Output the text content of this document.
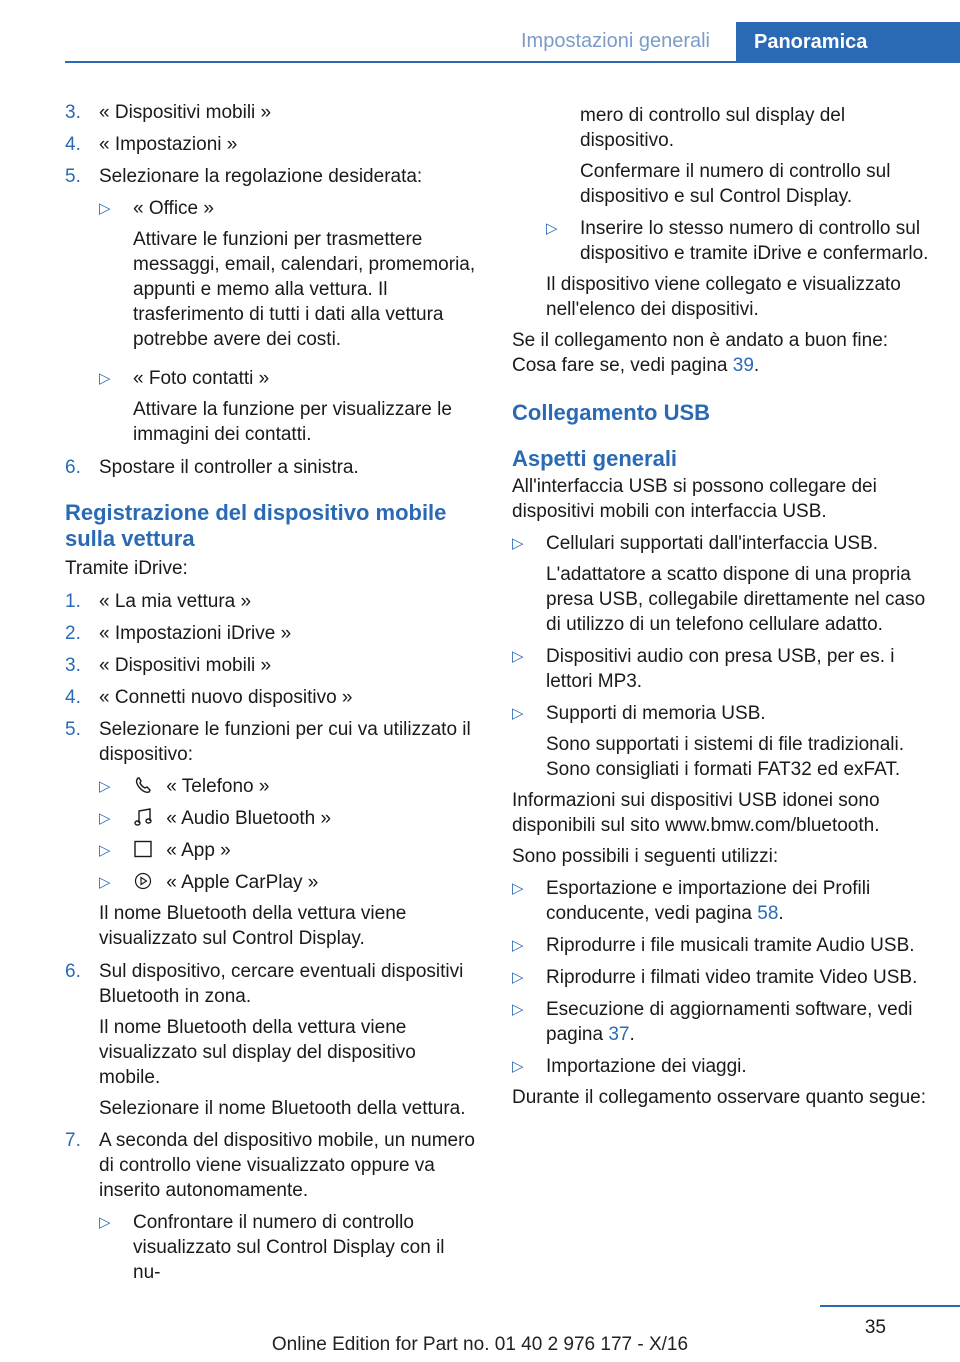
Impostazioni generali	Panoramica
3. « Dispositivi mobili »
4. « Impostazioni »
5. Selezionare la regolazione desiderata:
▷	« Office »
Attivare le funzioni per trasmettere messaggi, email, calendari, promemoria, appunti e memo alla vettura. Il trasferimento di tutti i dati alla vettura potrebbe avere dei costi.
▷	« Foto contatti »
Attivare la funzione per visualizzare le immagini dei contatti.
6. Spostare il controller a sinistra.
Registrazione del dispositivo mobile sulla vettura
Tramite iDrive:
1. « La mia vettura »
2. « Impostazioni iDrive »
3. « Dispositivi mobili »
4. « Connetti nuovo dispositivo »
5. Selezionare le funzioni per cui va utilizzato il dispositivo:
▷	« Telefono »
▷	« Audio Bluetooth »
▷	« App »
▷	« Apple CarPlay »
Il nome Bluetooth della vettura viene visualizzato sul Control Display.
6. Sul dispositivo, cercare eventuali dispositivi Bluetooth in zona.
Il nome Bluetooth della vettura viene visualizzato sul display del dispositivo mobile.
Selezionare il nome Bluetooth della vettura.
7. A seconda del dispositivo mobile, un numero di controllo viene visualizzato oppure va inserito autonomamente.
▷	Confrontare il numero di controllo visualizzato sul Control Display con il nu-
mero di controllo sul display del dispositivo.
Confermare il numero di controllo sul dispositivo e sul Control Display.
▷	Inserire lo stesso numero di controllo sul dispositivo e tramite iDrive e confermarlo.
Il dispositivo viene collegato e visualizzato nell'elenco dei dispositivi.
Se il collegamento non è andato a buon fine: Cosa fare se, vedi pagina 39.
Collegamento USB
Aspetti generali
All'interfaccia USB si possono collegare dei dispositivi mobili con interfaccia USB.
▷	Cellulari supportati dall'interfaccia USB.
L'adattatore a scatto dispone di una propria presa USB, collegabile direttamente nel caso di utilizzo di un telefono cellulare adatto.
▷	Dispositivi audio con presa USB, per es. i lettori MP3.
▷	Supporti di memoria USB.
Sono supportati i sistemi di file tradizionali. Sono consigliati i formati FAT32 ed exFAT.
Informazioni sui dispositivi USB idonei sono disponibili sul sito www.bmw.com/bluetooth.
Sono possibili i seguenti utilizzi:
▷	Esportazione e importazione dei Profili conducente, vedi pagina 58.
▷	Riprodurre i file musicali tramite Audio USB.
▷	Riprodurre i filmati video tramite Video USB.
▷	Esecuzione di aggiornamenti software, vedi pagina 37.
▷	Importazione dei viaggi.
Durante il collegamento osservare quanto segue:
35
Online Edition for Part no. 01 40 2 976 177 - X/16
